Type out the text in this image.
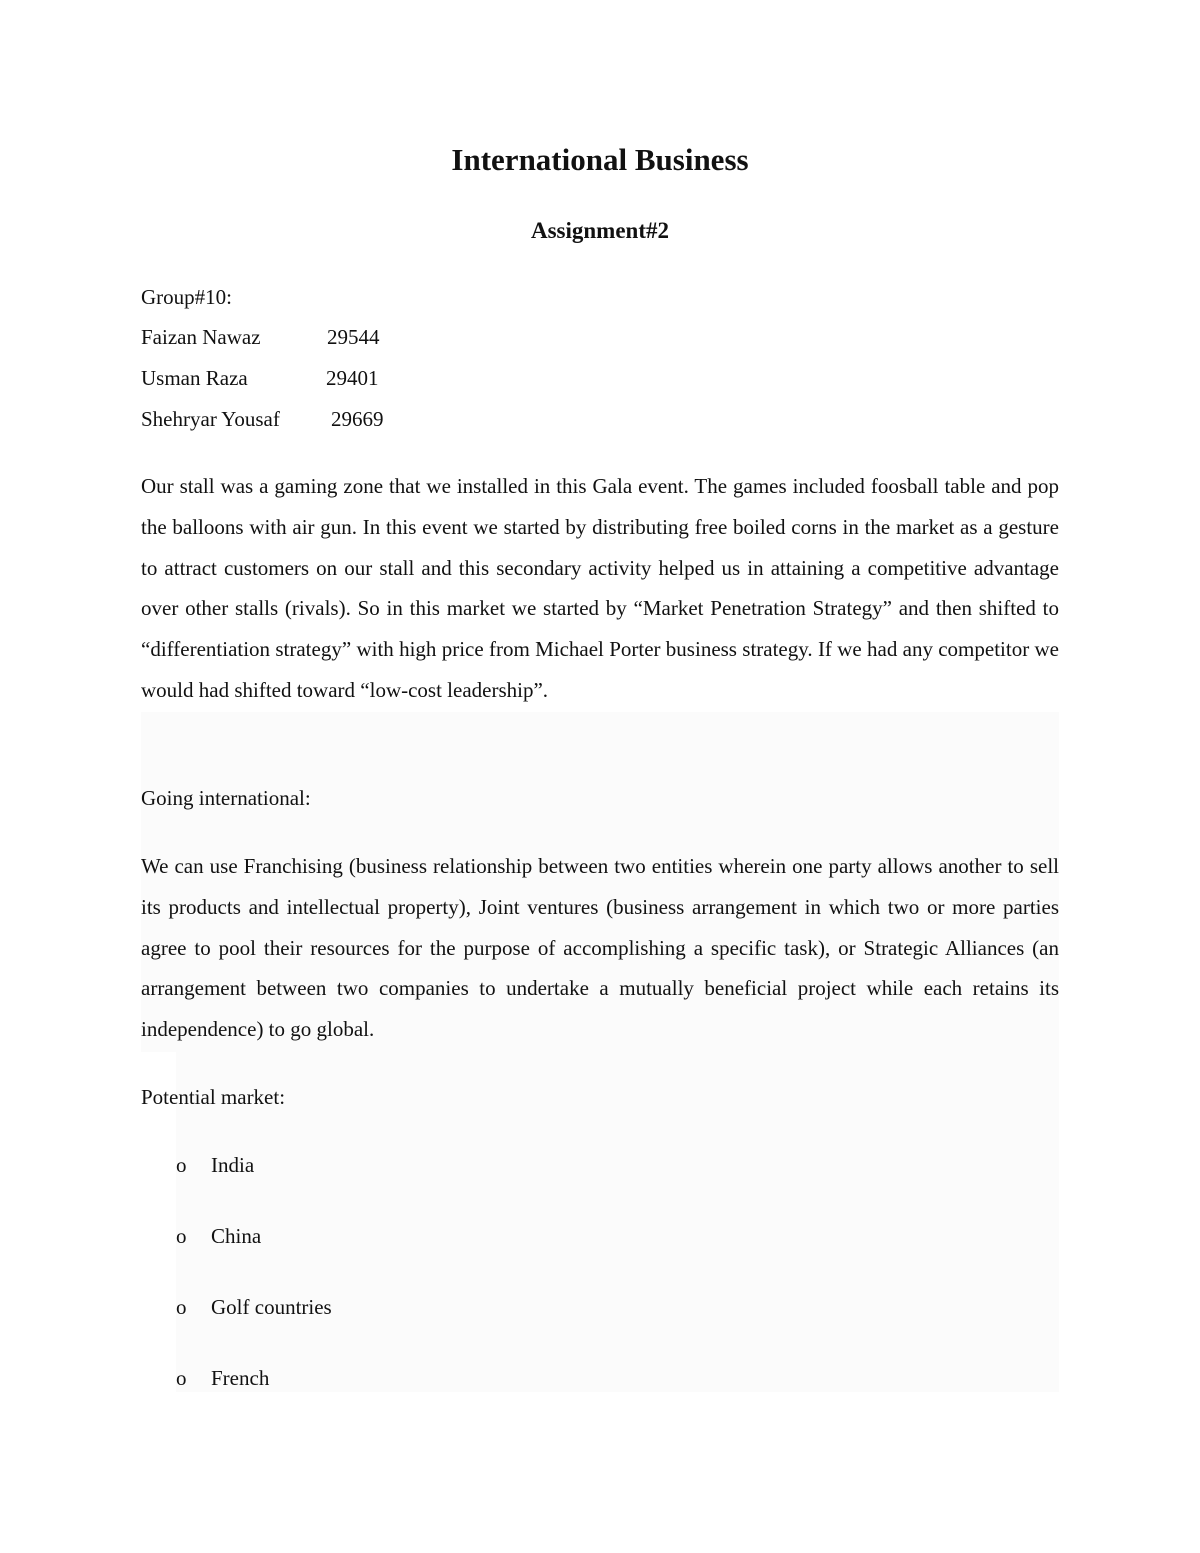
International Business
Assignment#2
Group#10:
Faizan Nawaz	29544
Usman Raza	29401
Shehryar Yousaf 29669
Our stall was a gaming zone that we installed in this Gala event. The games included foosball table and pop the balloons with air gun. In this event we started by distributing free boiled corns in the market as a gesture to attract customers on our stall and this secondary activity helped us in attaining a competitive advantage over other stalls (rivals). So in this market we started by “Market Penetration Strategy” and then shifted to “differentiation strategy” with high price from Michael Porter business strategy. If we had any competitor we would had shifted toward “low-cost leadership”.
Going international:
We can use Franchising (business relationship between two entities wherein one party allows another to sell its products and intellectual property), Joint ventures (business arrangement in which two or more parties agree to pool their resources for the purpose of accomplishing a specific task), or Strategic Alliances (an arrangement between two companies to undertake a mutually beneficial project while each retains its independence) to go global.
Potential market:
o India
o China
o Golf countries
o French
